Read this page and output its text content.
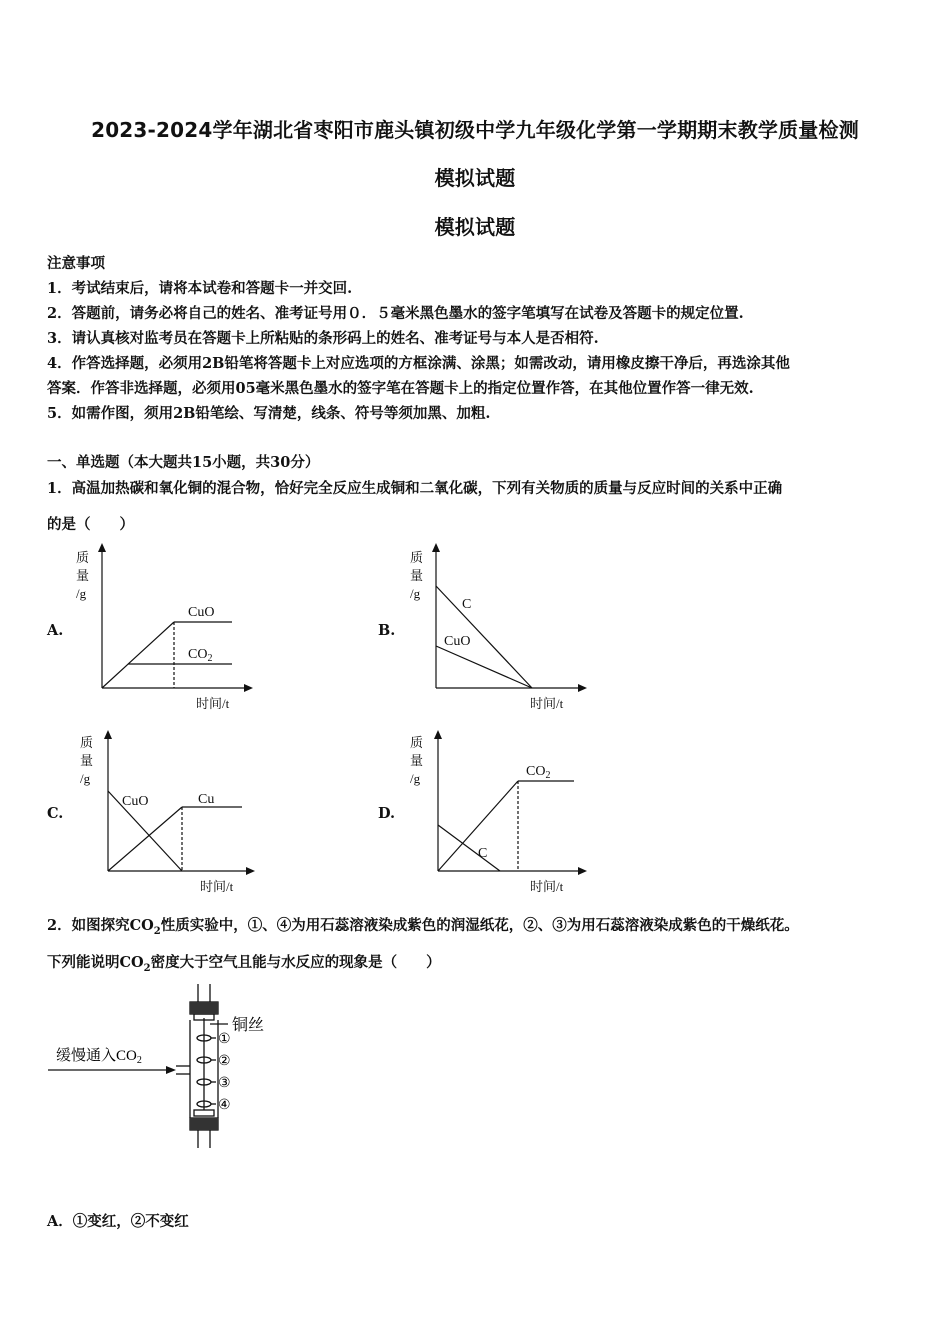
2023-2024学年湖北省枣阳市鹿头镇初级中学九年级化学第一学期期末教学质量检测
模拟试题
模拟试题
注意事项
1．考试结束后，请将本试卷和答题卡一并交回.
2．答题前，请务必将自己的姓名、准考证号用０．５毫米黑色墨水的签字笔填写在试卷及答题卡的规定位置.
3．请认真核对监考员在答题卡上所粘贴的条形码上的姓名、准考证号与本人是否相符.
4．作答选择题，必须用2B铅笔将答题卡上对应选项的方框涂满、涂黑；如需改动，请用橡皮擦干净后，再选涂其他
答案．作答非选择题，必须用05毫米黑色墨水的签字笔在答题卡上的指定位置作答，在其他位置作答一律无效.
5．如需作图，须用2B铅笔绘、写清楚，线条、符号等须加黑、加粗.
一、单选题（本大题共15小题，共30分）
1．高温加热碳和氧化铜的混合物，恰好完全反应生成铜和二氧化碳，下列有关物质的质量与反应时间的关系中正确
的是（　　）
A.	B.
C.	D.
质
量
/g
时间/t
CuO
$CO_2$
质
量
/g
时间/t
C
CuO
质
量
/g
时间/t
CuO	Cu
质
量
/g
时间/t
$CO_2$
C
2．如图探究$CO_2$性质实验中，①、④为用石蕊溶液染成紫色的润湿纸花，②、③为用石蕊溶液染成紫色的干燥纸花。
下列能说明$CO_2$密度大于空气且能与水反应的现象是（　　）
缓慢通入$CO_2$
铜丝
①
②
③
④
A．①变红，②不变红
